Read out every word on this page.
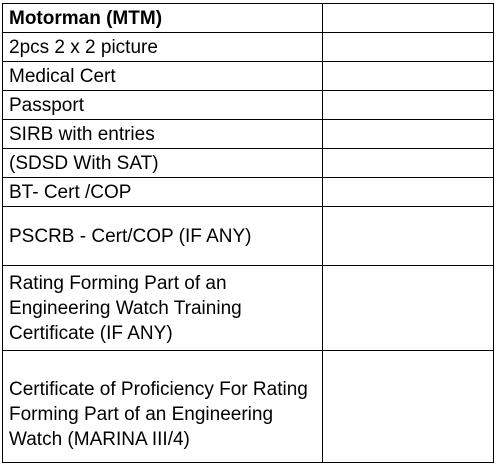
Motorman (MTM)	
2pcs 2 x 2 picture	
Medical Cert	
Passport	
SIRB with entries	
(SDSD With SAT)	
BT- Cert /COP	
PSCRB - Cert/COP (IF ANY)	
Rating Forming Part of an Engineering Watch Training Certificate (IF ANY)	
Certificate of Proficiency For Rating Forming Part of an Engineering Watch (MARINA III/4)	
